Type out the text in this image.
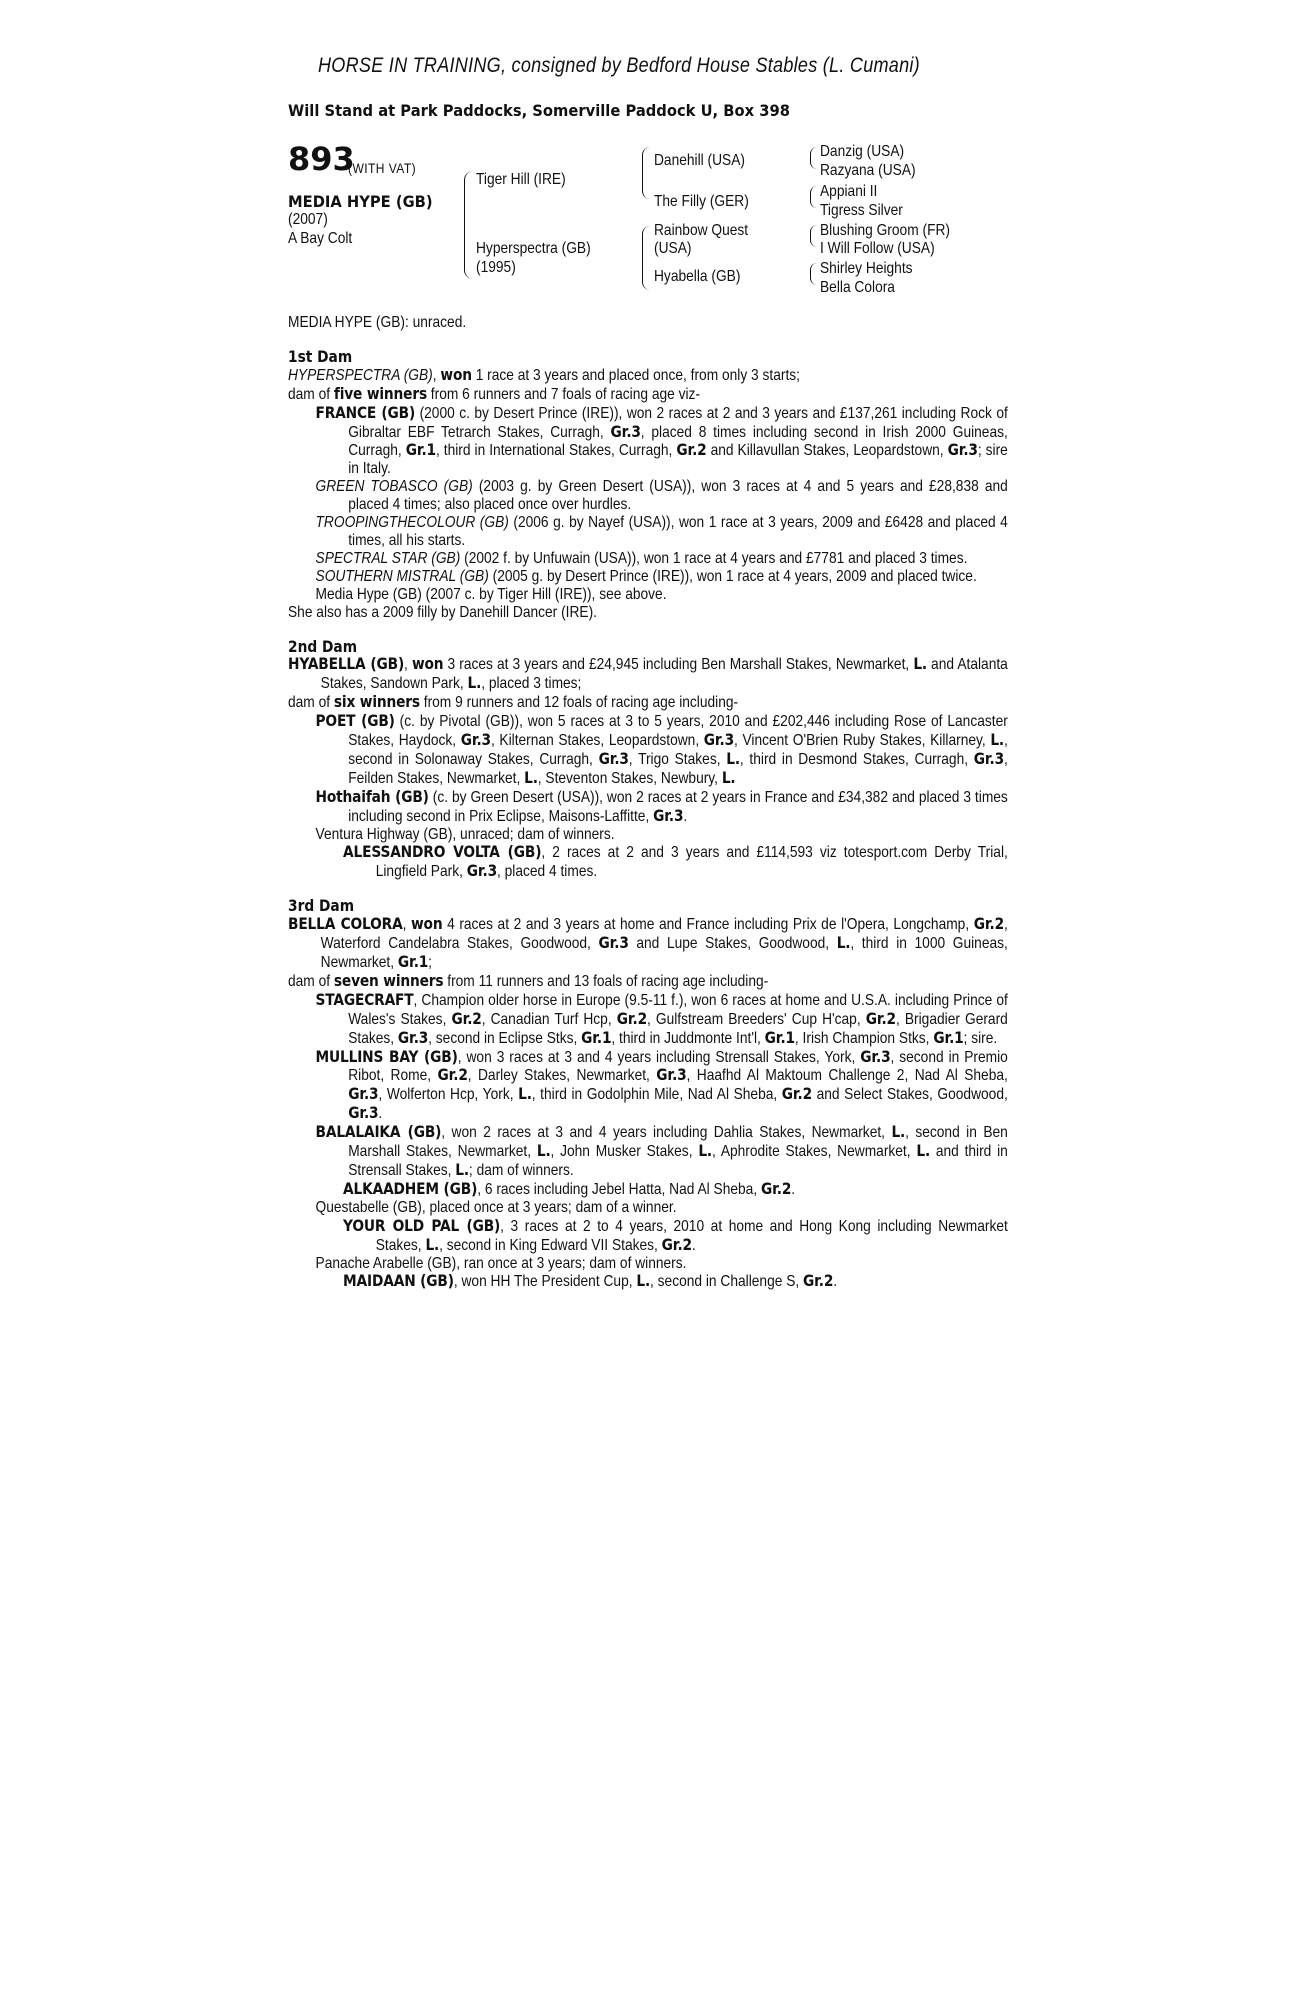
HORSE IN TRAINING, consigned by Bedford House Stables (L. Cumani)
Will Stand at Park Paddocks, Somerville Paddock U, Box 398
893
(WITH VAT)
MEDIA HYPE (GB)
(2007)
A Bay Colt
Tiger Hill (IRE)
Hyperspectra (GB)
(1995)
Danehill (USA)
The Filly (GER)
Rainbow Quest
(USA)
Hyabella (GB)
Danzig (USA)
Razyana (USA)
Appiani II
Tigress Silver
Blushing Groom (FR)
I Will Follow (USA)
Shirley Heights
Bella Colora

MEDIA HYPE (GB): unraced.

1st Dam

HYPERSPECTRA (GB), won 1 race at 3 years and placed once, from only 3 starts;

dam of five winners from 6 runners and 7 foals of racing age viz-

FRANCE (GB) (2000 c. by Desert Prince (IRE)), won 2 races at 2 and 3 years and £137,261 including Rock of Gibraltar EBF Tetrarch Stakes, Curragh, Gr.3, placed 8 times including second in Irish 2000 Guineas, Curragh, Gr.1, third in International Stakes, Curragh, Gr.2 and Killavullan Stakes, Leopardstown, Gr.3; sire in Italy.

GREEN TOBASCO (GB) (2003 g. by Green Desert (USA)), won 3 races at 4 and 5 years and £28,838 and placed 4 times; also placed once over hurdles.

TROOPINGTHECOLOUR (GB) (2006 g. by Nayef (USA)), won 1 race at 3 years, 2009 and £6428 and placed 4 times, all his starts.

SPECTRAL STAR (GB) (2002 f. by Unfuwain (USA)), won 1 race at 4 years and £7781 and placed 3 times.

SOUTHERN MISTRAL (GB) (2005 g. by Desert Prince (IRE)), won 1 race at 4 years, 2009 and placed twice.

Media Hype (GB) (2007 c. by Tiger Hill (IRE)), see above.

She also has a 2009 filly by Danehill Dancer (IRE).

2nd Dam

HYABELLA (GB), won 3 races at 3 years and £24,945 including Ben Marshall Stakes, Newmarket, L. and Atalanta Stakes, Sandown Park, L., placed 3 times;

dam of six winners from 9 runners and 12 foals of racing age including-

POET (GB) (c. by Pivotal (GB)), won 5 races at 3 to 5 years, 2010 and £202,446 including Rose of Lancaster Stakes, Haydock, Gr.3, Kilternan Stakes, Leopardstown, Gr.3, Vincent O'Brien Ruby Stakes, Killarney, L., second in Solonaway Stakes, Curragh, Gr.3, Trigo Stakes, L., third in Desmond Stakes, Curragh, Gr.3, Feilden Stakes, Newmarket, L., Steventon Stakes, Newbury, L.

Hothaifah (GB) (c. by Green Desert (USA)), won 2 races at 2 years in France and £34,382 and placed 3 times including second in Prix Eclipse, Maisons-Laffitte, Gr.3.

Ventura Highway (GB), unraced; dam of winners.

ALESSANDRO VOLTA (GB), 2 races at 2 and 3 years and £114,593 viz totesport.com Derby Trial, Lingfield Park, Gr.3, placed 4 times.

3rd Dam

BELLA COLORA, won 4 races at 2 and 3 years at home and France including Prix de l'Opera, Longchamp, Gr.2, Waterford Candelabra Stakes, Goodwood, Gr.3 and Lupe Stakes, Goodwood, L., third in 1000 Guineas, Newmarket, Gr.1;

dam of seven winners from 11 runners and 13 foals of racing age including-

STAGECRAFT, Champion older horse in Europe (9.5-11 f.), won 6 races at home and U.S.A. including Prince of Wales's Stakes, Gr.2, Canadian Turf Hcp, Gr.2, Gulfstream Breeders' Cup H'cap, Gr.2, Brigadier Gerard Stakes, Gr.3, second in Eclipse Stks, Gr.1, third in Juddmonte Int'l, Gr.1, Irish Champion Stks, Gr.1; sire.

MULLINS BAY (GB), won 3 races at 3 and 4 years including Strensall Stakes, York, Gr.3, second in Premio Ribot, Rome, Gr.2, Darley Stakes, Newmarket, Gr.3, Haafhd Al Maktoum Challenge 2, Nad Al Sheba, Gr.3, Wolferton Hcp, York, L., third in Godolphin Mile, Nad Al Sheba, Gr.2 and Select Stakes, Goodwood, Gr.3.

BALALAIKA (GB), won 2 races at 3 and 4 years including Dahlia Stakes, Newmarket, L., second in Ben Marshall Stakes, Newmarket, L., John Musker Stakes, L., Aphrodite Stakes, Newmarket, L. and third in Strensall Stakes, L.; dam of winners.

ALKAADHEM (GB), 6 races including Jebel Hatta, Nad Al Sheba, Gr.2.

Questabelle (GB), placed once at 3 years; dam of a winner.

YOUR OLD PAL (GB), 3 races at 2 to 4 years, 2010 at home and Hong Kong including Newmarket Stakes, L., second in King Edward VII Stakes, Gr.2.

Panache Arabelle (GB), ran once at 3 years; dam of winners.

MAIDAAN (GB), won HH The President Cup, L., second in Challenge S, Gr.2.
